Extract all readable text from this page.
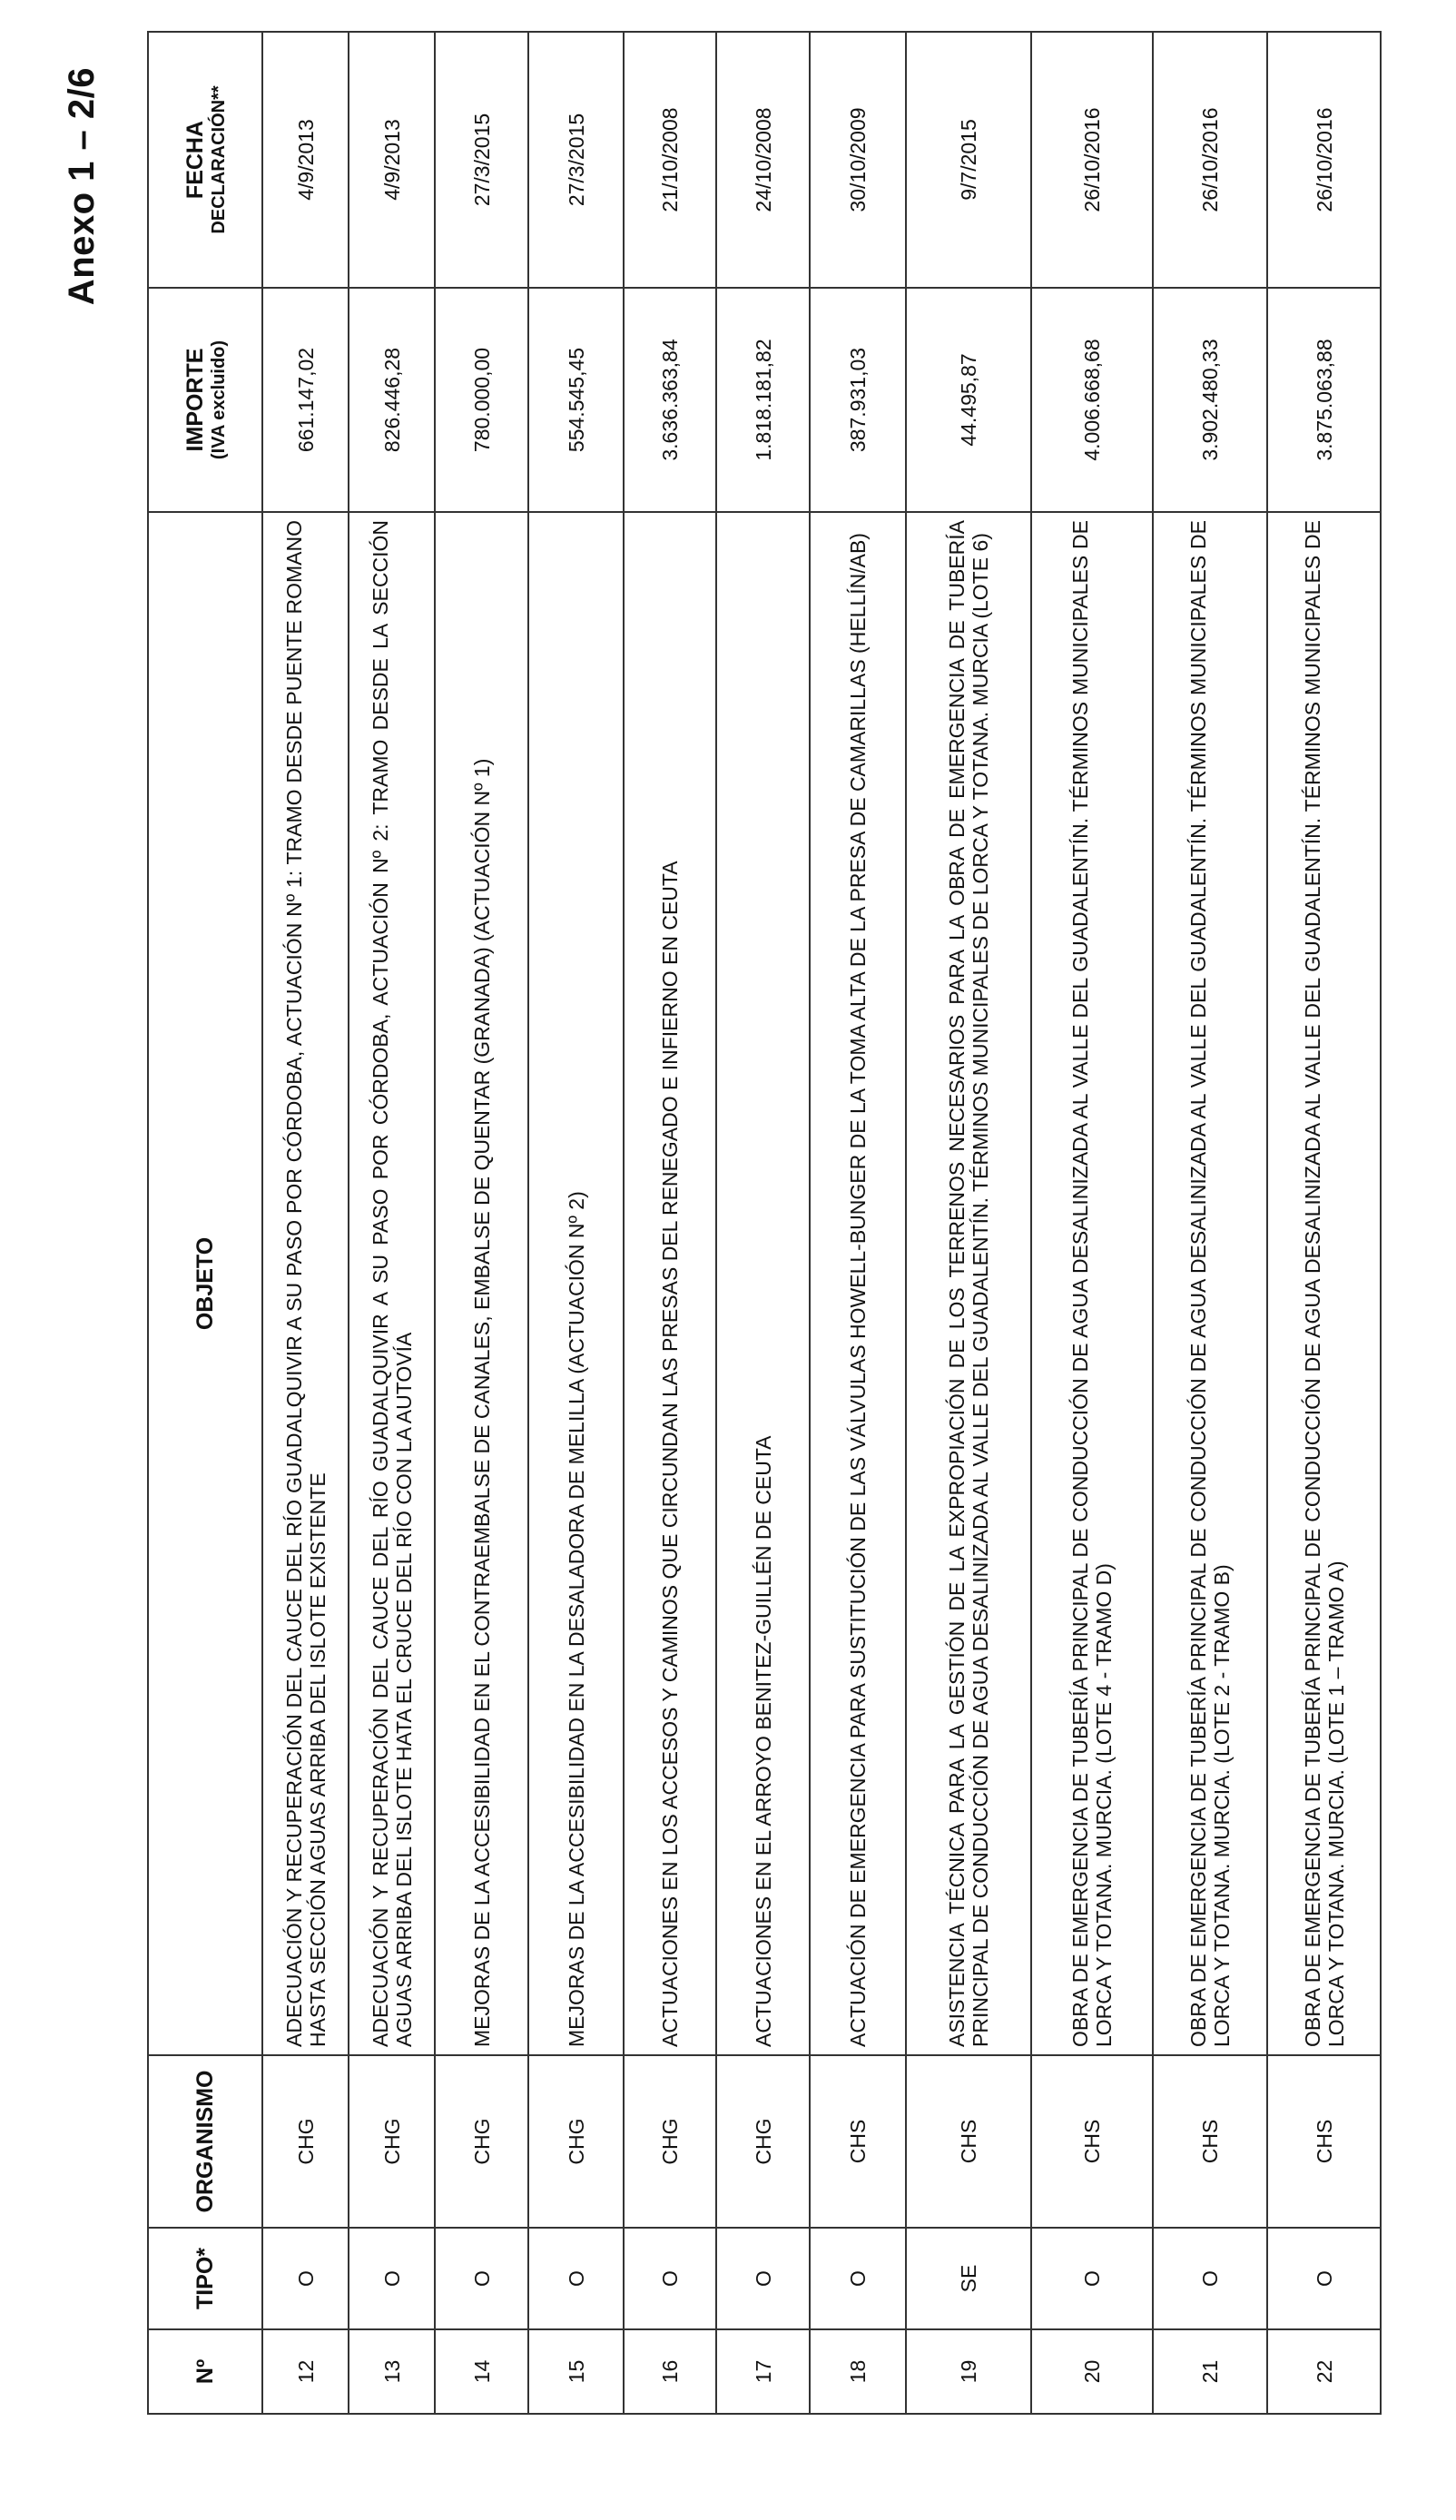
Anexo 1 – 2/6
Nº	TIPO*	ORGANISMO	OBJETO	IMPORTE (IVA excluido)	FECHA DECLARACIÓN**

12	O	CHG	ADECUACIÓN Y RECUPERACIÓN DEL CAUCE DEL RÍO GUADALQUIVIR A SU PASO POR CÓRDOBA, ACTUACIÓN Nº 1: TRAMO DESDE PUENTE ROMANO HASTA SECCIÓN AGUAS ARRIBA DEL ISLOTE EXISTENTE	661.147,02	4/9/2013
13	O	CHG	ADECUACIÓN Y RECUPERACIÓN DEL CAUCE DEL RÍO GUADALQUIVIR A SU PASO POR CÓRDOBA, ACTUACIÓN Nº 2: TRAMO DESDE LA SECCIÓN AGUAS ARRIBA DEL ISLOTE HATA EL CRUCE DEL RÍO CON LA AUTOVÍA	826.446,28	4/9/2013
14	O	CHG	MEJORAS DE LA ACCESIBILIDAD EN EL CONTRAEMBALSE DE CANALES, EMBALSE DE QUENTAR (GRANADA) (ACTUACIÓN Nº 1)	780.000,00	27/3/2015
15	O	CHG	MEJORAS DE LA ACCESIBILIDAD EN LA DESALADORA DE MELILLA (ACTUACIÓN Nº 2)	554.545,45	27/3/2015
16	O	CHG	ACTUACIONES EN LOS ACCESOS Y CAMINOS QUE CIRCUNDAN LAS PRESAS DEL RENEGADO E INFIERNO EN CEUTA	3.636.363,84	21/10/2008
17	O	CHG	ACTUACIONES EN EL ARROYO BENITEZ-GUILLÉN DE CEUTA	1.818.181,82	24/10/2008
18	O	CHS	ACTUACIÓN DE EMERGENCIA PARA SUSTITUCIÓN DE LAS VÁLVULAS HOWELL-BUNGER DE LA TOMA ALTA DE LA PRESA DE CAMARILLAS (HELLÍN/AB)	387.931,03	30/10/2009
19	SE	CHS	ASISTENCIA TÉCNICA PARA LA GESTIÓN DE LA EXPROPIACIÓN DE LOS TERRENOS NECESARIOS PARA LA OBRA DE EMERGENCIA DE TUBERÍA PRINCIPAL DE CONDUCCIÓN DE AGUA DESALINIZADA AL VALLE DEL GUADALENTÍN. TÉRMINOS MUNICIPALES DE LORCA Y TOTANA. MURCIA (LOTE 6)	44.495,87	9/7/2015
20	O	CHS	OBRA DE EMERGENCIA DE TUBERÍA PRINCIPAL DE CONDUCCIÓN DE AGUA DESALINIZADA AL VALLE DEL GUADALENTÍN. TÉRMINOS MUNICIPALES DE LORCA Y TOTANA. MURCIA. (LOTE 4 - TRAMO D)	4.006.668,68	26/10/2016
21	O	CHS	OBRA DE EMERGENCIA DE TUBERÍA PRINCIPAL DE CONDUCCIÓN DE AGUA DESALINIZADA AL VALLE DEL GUADALENTÍN. TÉRMINOS MUNICIPALES DE LORCA Y TOTANA. MURCIA. (LOTE 2 - TRAMO B)	3.902.480,33	26/10/2016
22	O	CHS	OBRA DE EMERGENCIA DE TUBERÍA PRINCIPAL DE CONDUCCIÓN DE AGUA DESALINIZADA AL VALLE DEL GUADALENTÍN. TÉRMINOS MUNICIPALES DE LORCA Y TOTANA. MURCIA. (LOTE 1 – TRAMO A)	3.875.063,88	26/10/2016
